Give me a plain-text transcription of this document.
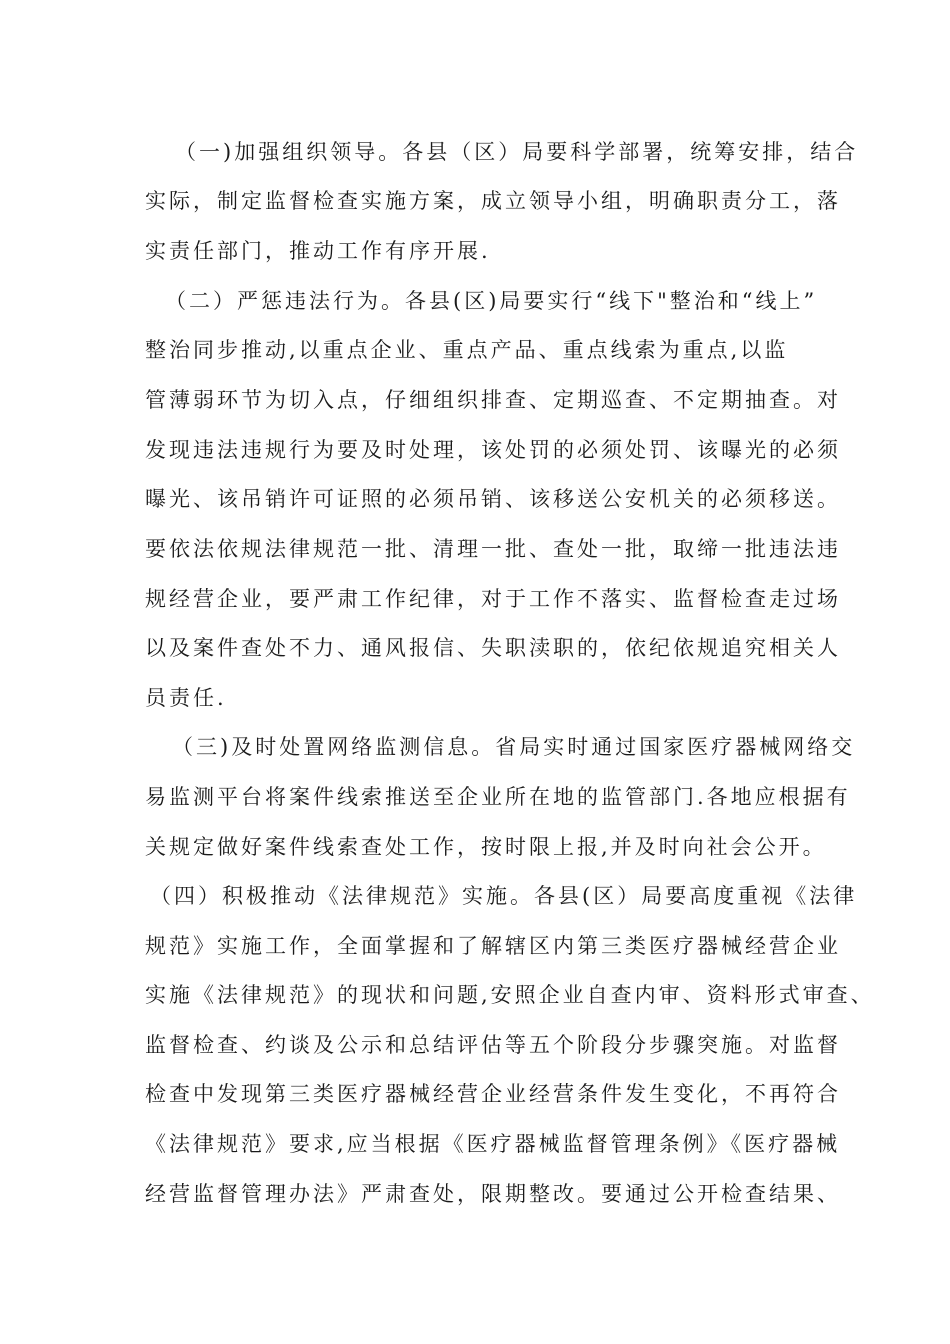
（一)加强组织领导。各县（区）局要科学部署，统筹安排，结合
实际，制定监督检查实施方案，成立领导小组，明确职责分工，落
实责任部门，推动工作有序开展.
（二）严惩违法行为。各县(区)局要实行“线下"整治和“线上”
整治同步推动,以重点企业、重点产品、重点线索为重点,以监
管薄弱环节为切入点，仔细组织排查、定期巡查、不定期抽查。对
发现违法违规行为要及时处理，该处罚的必须处罚、该曝光的必须
曝光、该吊销许可证照的必须吊销、该移送公安机关的必须移送。
要依法依规法律规范一批、清理一批、查处一批，取缔一批违法违
规经营企业，要严肃工作纪律，对于工作不落实、监督检查走过场
以及案件查处不力、通风报信、失职渎职的，依纪依规追究相关人
员责任.
（三)及时处置网络监测信息。省局实时通过国家医疗器械网络交
易监测平台将案件线索推送至企业所在地的监管部门.各地应根据有
关规定做好案件线索查处工作，按时限上报,并及时向社会公开。
（四）积极推动《法律规范》实施。各县(区）局要高度重视《法律
规范》实施工作，全面掌握和了解辖区内第三类医疗器械经营企业
实施《法律规范》的现状和问题,安照企业自查内审、资料形式审查、
监督检查、约谈及公示和总结评估等五个阶段分步骤突施。对监督
检查中发现第三类医疗器械经营企业经营条件发生变化，不再符合
《法律规范》要求,应当根据《医疗器械监督管理条例》《医疗器械
经营监督管理办法》严肃查处，限期整改。要通过公开检查结果、
